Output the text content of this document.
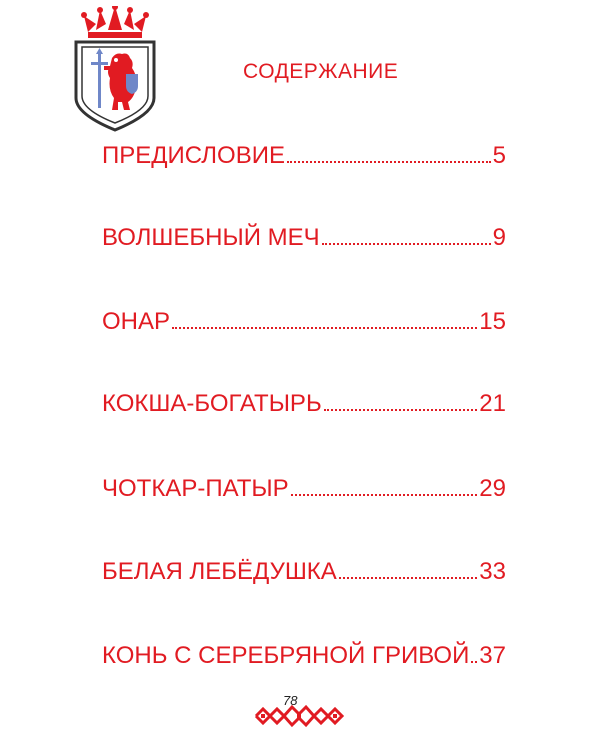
СОДЕРЖАНИЕ
ПРЕДИСЛОВИЕ	5
ВОЛШЕБНЫЙ МЕЧ	9
ОНАР	15
КОКША-БОГАТЫРЬ	21
ЧОТКАР-ПАТЫР	29
БЕЛАЯ ЛЕБЁДУШКА	33
КОНЬ С СЕРЕБРЯНОЙ ГРИВОЙ 37
78
